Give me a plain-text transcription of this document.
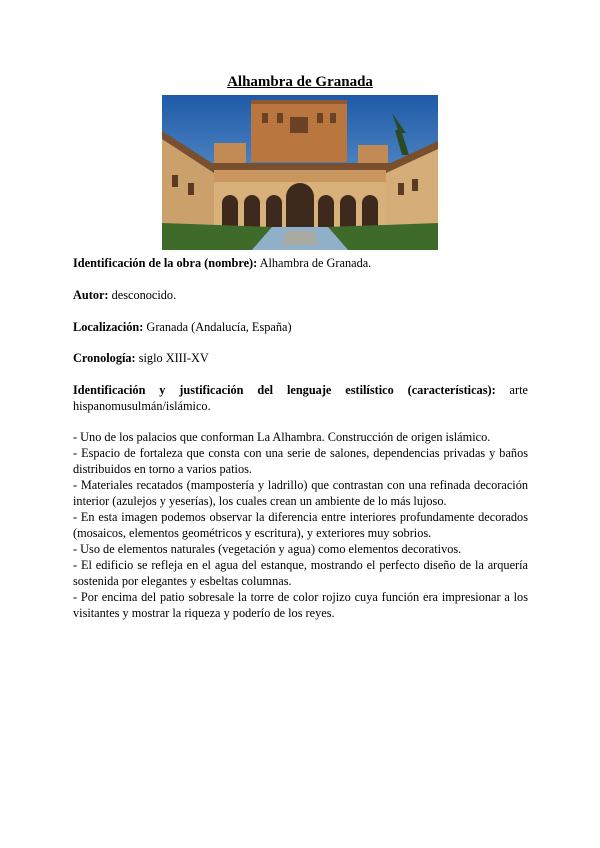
Alhambra de Granada
Identificación de la obra (nombre): Alhambra de Granada.
Autor: desconocido.
Localización: Granada (Andalucía, España)
Cronología: siglo XIII-XV
Identificación y justificación del lenguaje estilístico (características): arte hispanomusulmán/islámico.

- Uno de los palacios que conforman La Alhambra. Construcción de origen islámico.

- Espacio de fortaleza que consta con una serie de salones, dependencias privadas y baños distribuidos en torno a varios patios.

- Materiales recatados (mampostería y ladrillo) que contrastan con una refinada decoración interior (azulejos y yeserías), los cuales crean un ambiente de lo más lujoso.

- En esta imagen podemos observar la diferencia entre interiores profundamente decorados (mosaicos, elementos geométricos y escritura), y exteriores muy sobrios.

- Uso de elementos naturales (vegetación y agua) como elementos decorativos.

- El edificio se refleja en el agua del estanque, mostrando el perfecto diseño de la arquería sostenida por elegantes y esbeltas columnas.

- Por encima del patio sobresale la torre de color rojizo cuya función era impresionar a los visitantes y mostrar la riqueza y poderío de los reyes.
